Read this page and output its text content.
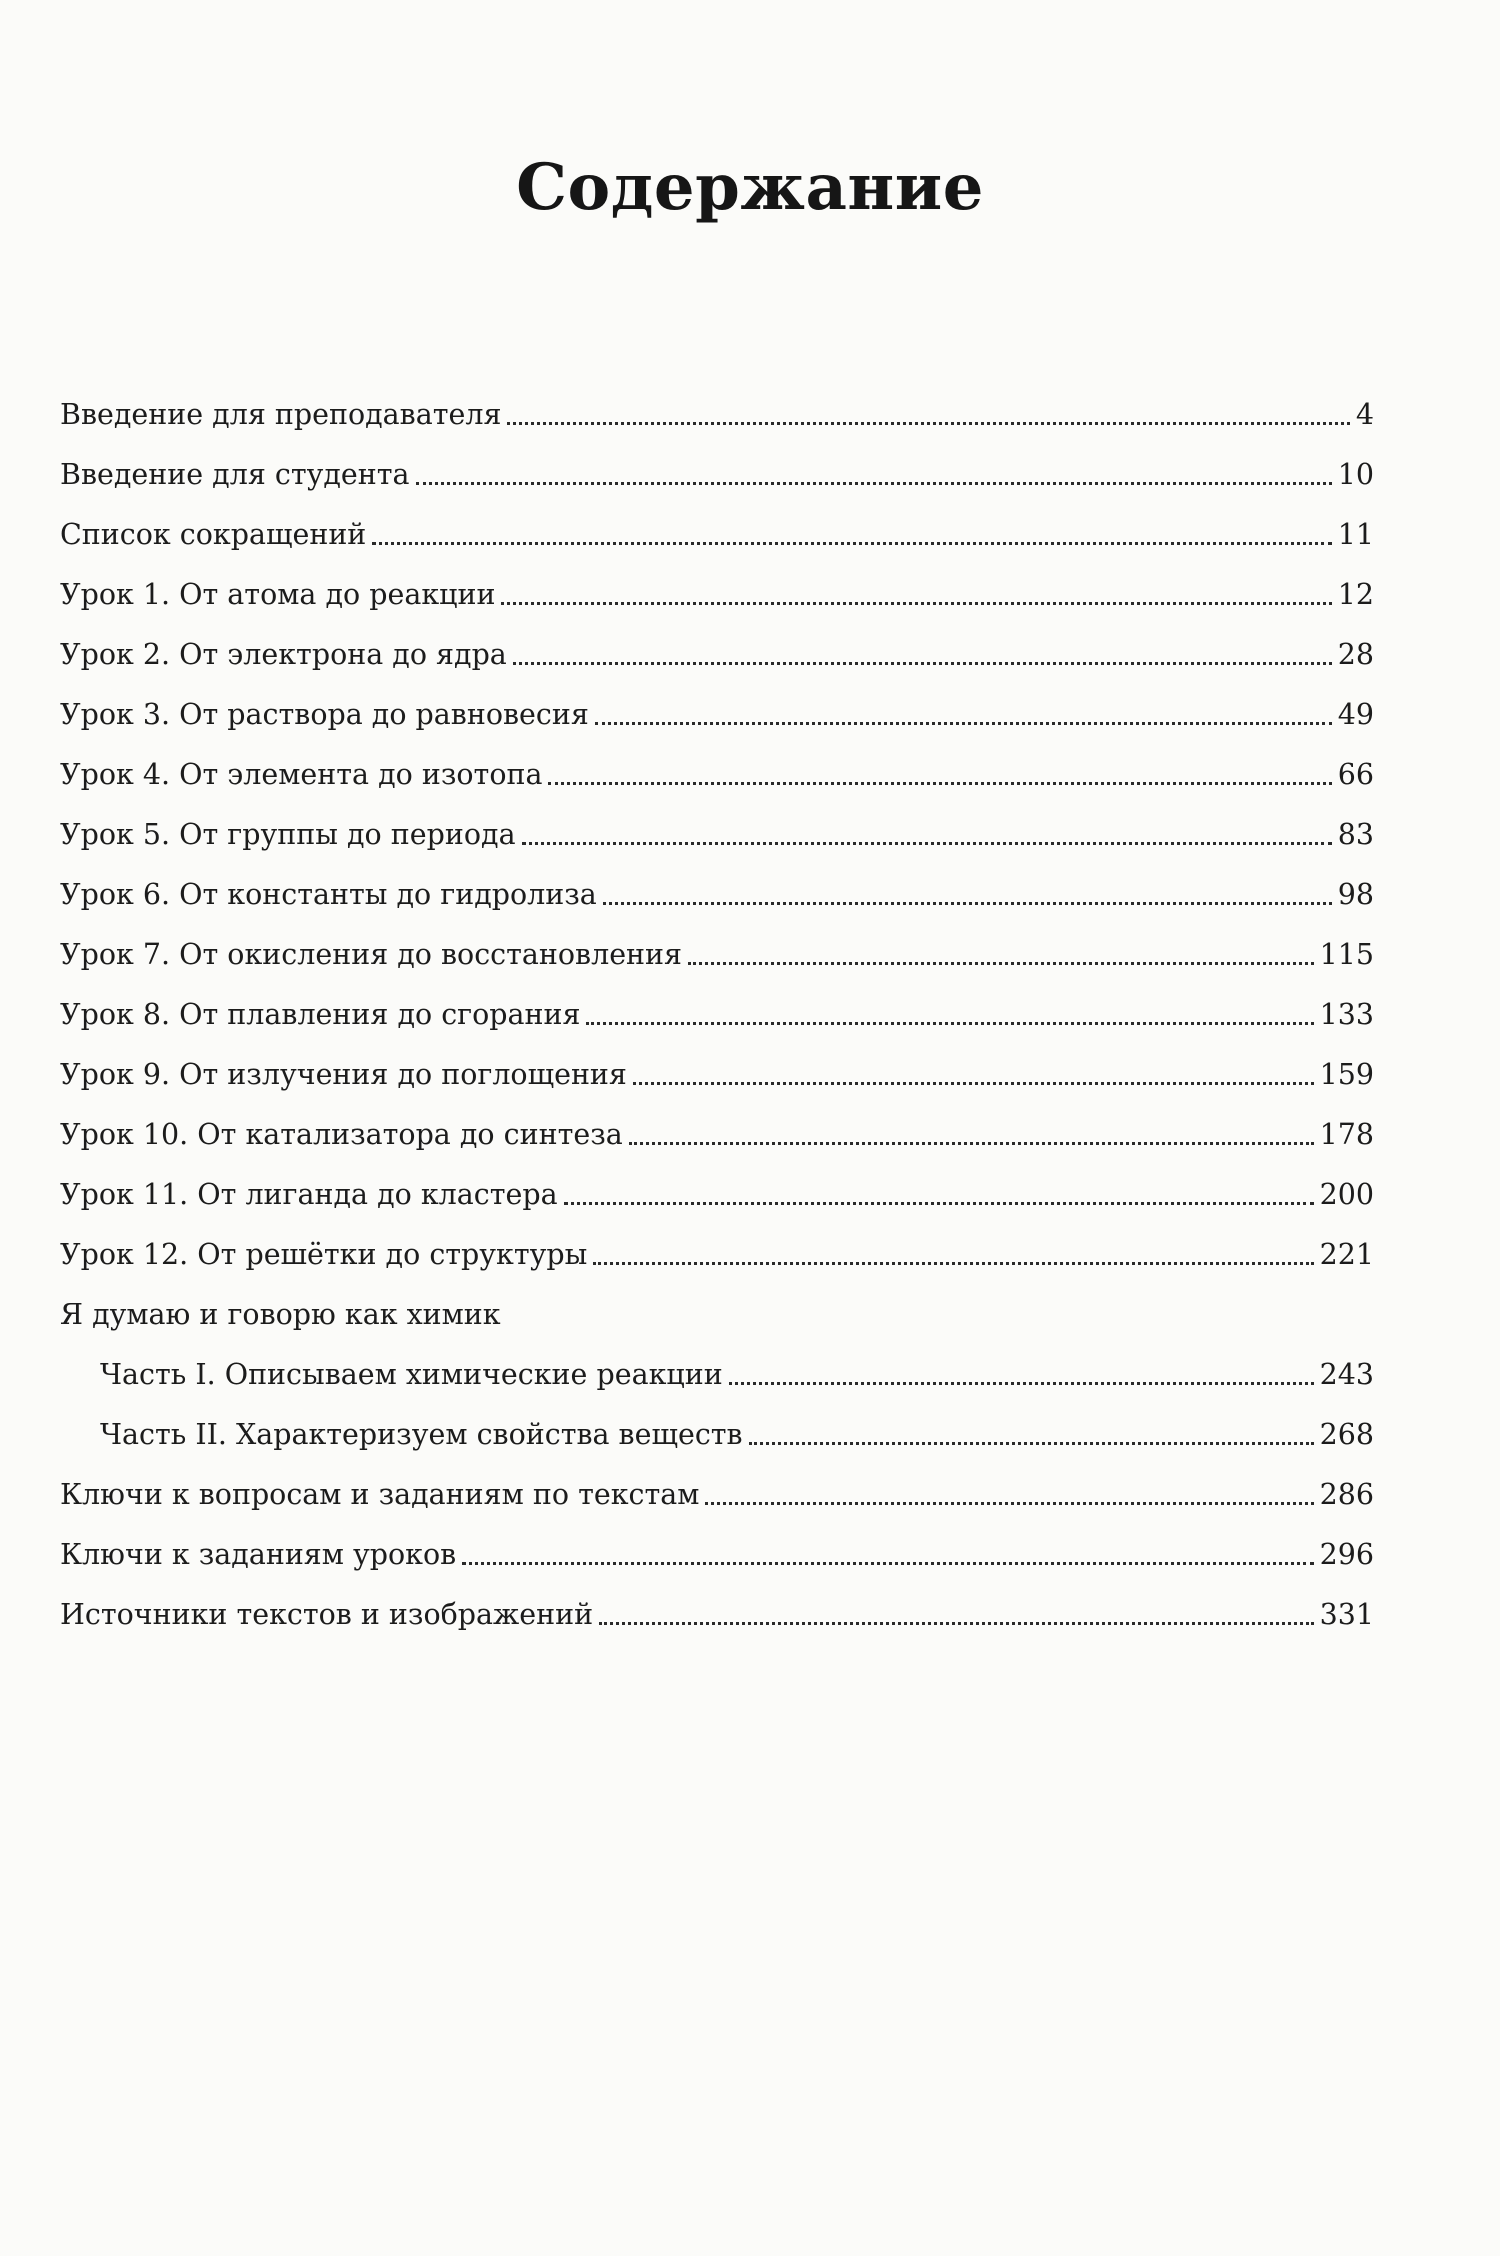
Содержание
Введение для преподавателя	4
Введение для студента	10
Список сокращений	11
Урок 1. От атома до реакции	12
Урок 2. От электрона до ядра	28
Урок 3. От раствора до равновесия	49
Урок 4. От элемента до изотопа	66
Урок 5. От группы до периода	83
Урок 6. От константы до гидролиза	98
Урок 7. От окисления до восстановления	115
Урок 8. От плавления до сгорания	133
Урок 9. От излучения до поглощения	159
Урок 10. От катализатора до синтеза	178
Урок 11. От лиганда до кластера	200
Урок 12. От решётки до структуры	221
Я думаю и говорю как химик
Часть I. Описываем химические реакции	243
Часть II. Характеризуем свойства веществ	268
Ключи к вопросам и заданиям по текстам	286
Ключи к заданиям уроков	296
Источники текстов и изображений	331
